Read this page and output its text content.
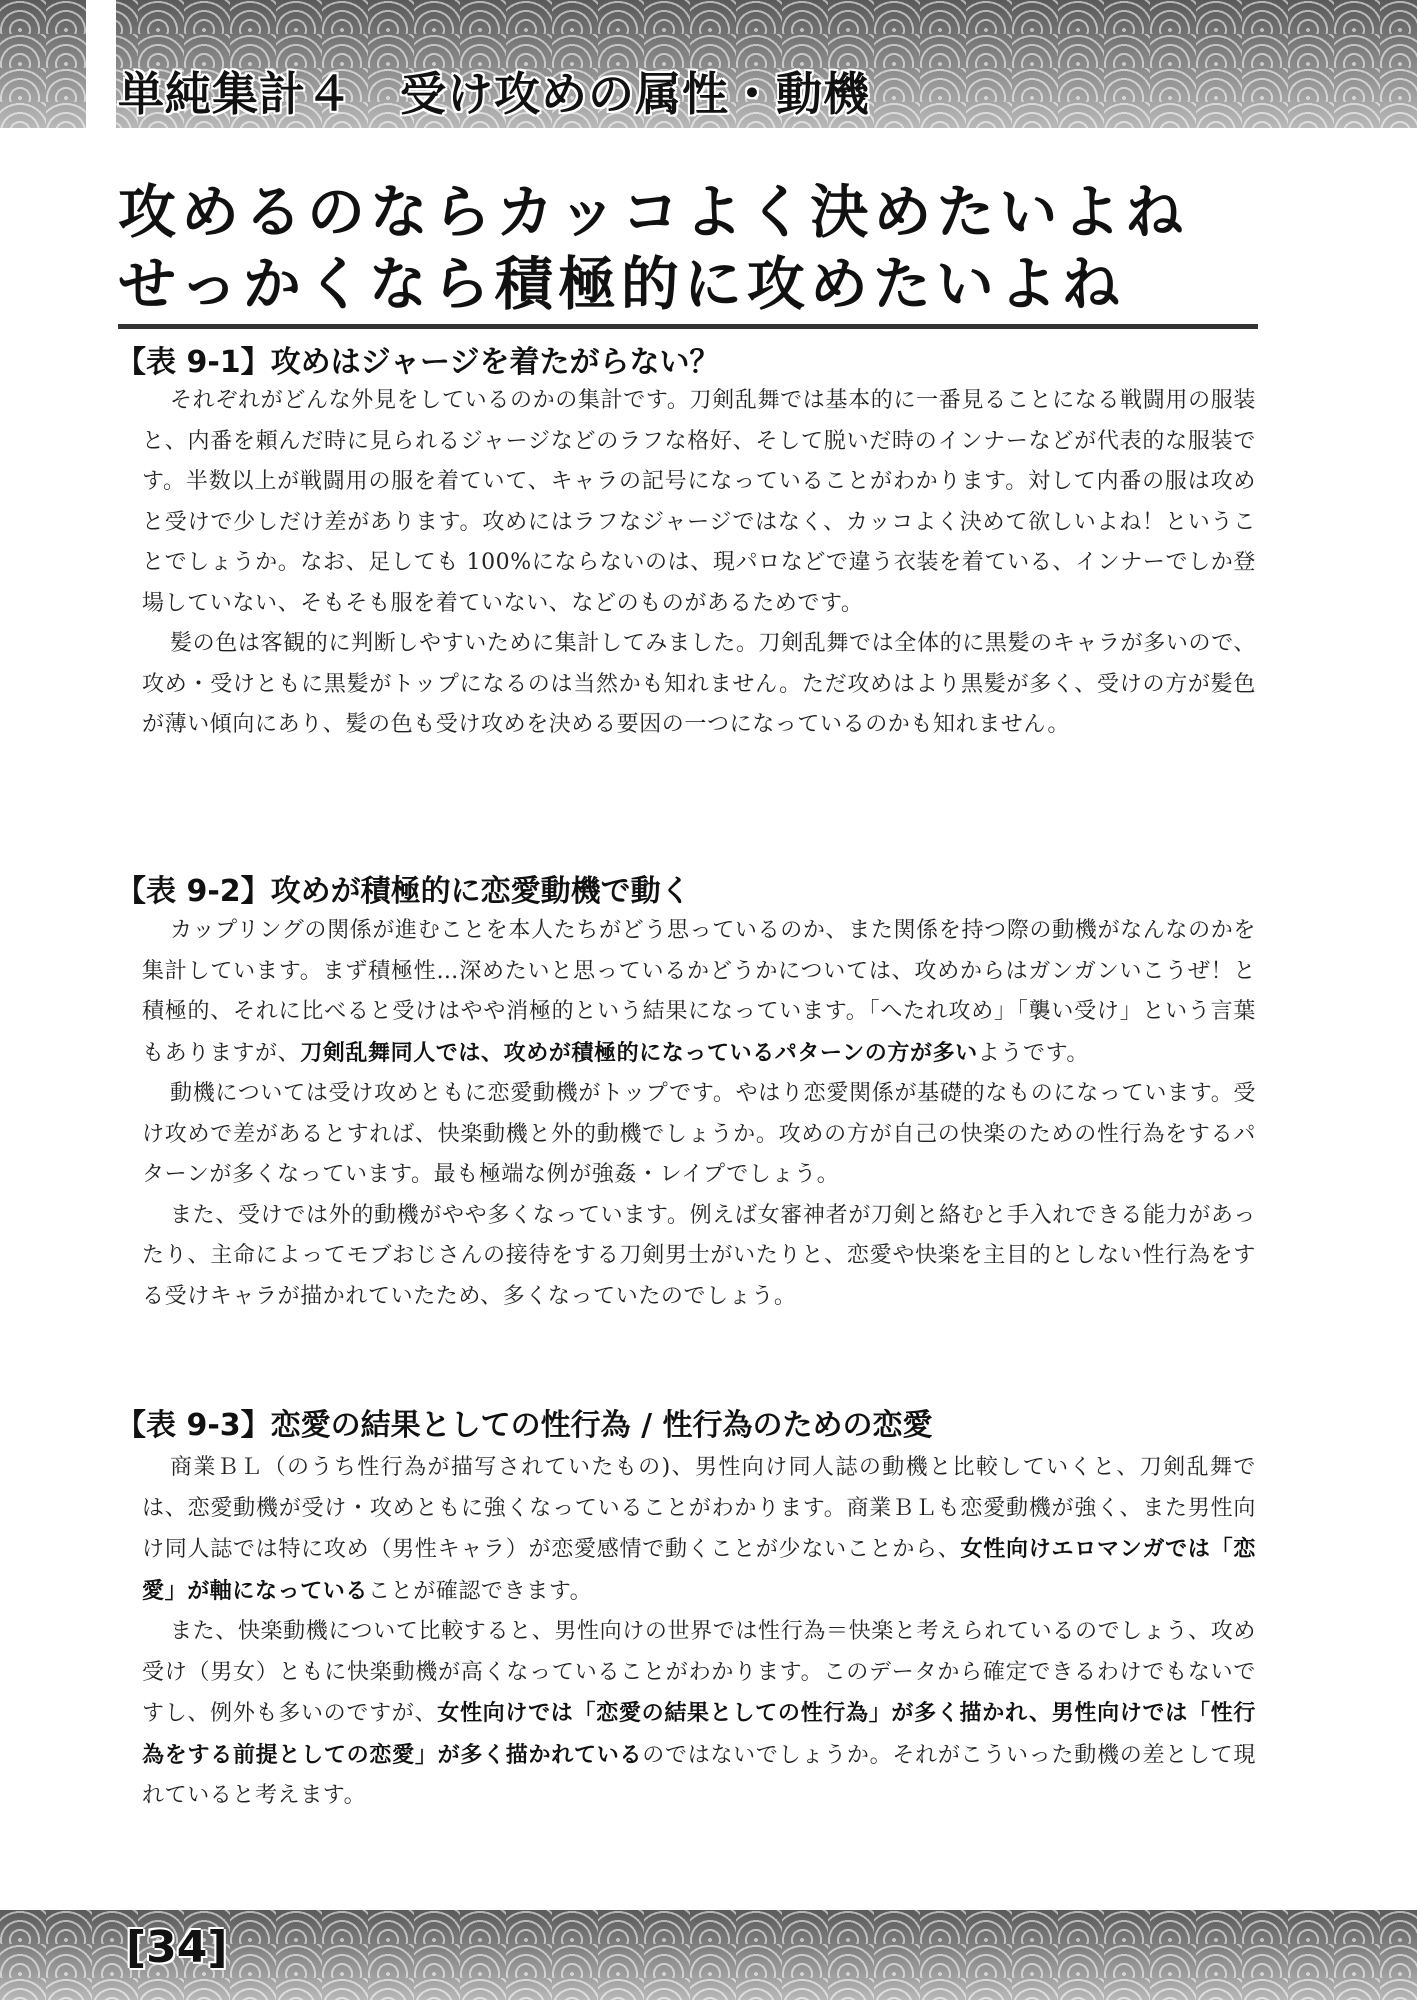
単純集計４　受け攻めの属性・動機
攻めるのならカッコよく決めたいよね
せっかくなら積極的に攻めたいよね
【表 9-1】攻めはジャージを着たがらない？

それぞれがどんな外見をしているのかの集計です。刀剣乱舞では基本的に一番見ることになる戦闘用の服装と、内番を頼んだ時に見られるジャージなどのラフな格好、そして脱いだ時のインナーなどが代表的な服装です。半数以上が戦闘用の服を着ていて、キャラの記号になっていることがわかります。対して内番の服は攻めと受けで少しだけ差があります。攻めにはラフなジャージではなく、カッコよく決めて欲しいよね！ということでしょうか。なお、足しても 100%にならないのは、現パロなどで違う衣装を着ている、インナーでしか登場していない、そもそも服を着ていない、などのものがあるためです。

髪の色は客観的に判断しやすいために集計してみました。刀剣乱舞では全体的に黒髪のキャラが多いので、攻め・受けともに黒髪がトップになるのは当然かも知れません。ただ攻めはより黒髪が多く、受けの方が髪色が薄い傾向にあり、髪の色も受け攻めを決める要因の一つになっているのかも知れません。

【表 9-2】攻めが積極的に恋愛動機で動く

カップリングの関係が進むことを本人たちがどう思っているのか、また関係を持つ際の動機がなんなのかを集計しています。まず積極性…深めたいと思っているかどうかについては、攻めからはガンガンいこうぜ！と積極的、それに比べると受けはやや消極的という結果になっています。「へたれ攻め」「襲い受け」という言葉もありますが、刀剣乱舞同人では、攻めが積極的になっているパターンの方が多いようです。

動機については受け攻めともに恋愛動機がトップです。やはり恋愛関係が基礎的なものになっています。受け攻めで差があるとすれば、快楽動機と外的動機でしょうか。攻めの方が自己の快楽のための性行為をするパターンが多くなっています。最も極端な例が強姦・レイプでしょう。

また、受けでは外的動機がやや多くなっています。例えば女審神者が刀剣と絡むと手入れできる能力があったり、主命によってモブおじさんの接待をする刀剣男士がいたりと、恋愛や快楽を主目的としない性行為をする受けキャラが描かれていたため、多くなっていたのでしょう。

【表 9-3】恋愛の結果としての性行為 / 性行為のための恋愛

商業ＢＬ（のうち性行為が描写されていたもの)、男性向け同人誌の動機と比較していくと、刀剣乱舞では、恋愛動機が受け・攻めともに強くなっていることがわかります。商業ＢＬも恋愛動機が強く、また男性向け同人誌では特に攻め（男性キャラ）が恋愛感情で動くことが少ないことから、女性向けエロマンガでは「恋愛」が軸になっていることが確認できます。

また、快楽動機について比較すると、男性向けの世界では性行為＝快楽と考えられているのでしょう、攻め受け（男女）ともに快楽動機が高くなっていることがわかります。このデータから確定できるわけでもないですし、例外も多いのですが、女性向けでは「恋愛の結果としての性行為」が多く描かれ、男性向けでは「性行為をする前提としての恋愛」が多く描かれているのではないでしょうか。それがこういった動機の差として現れていると考えます。

[34]
